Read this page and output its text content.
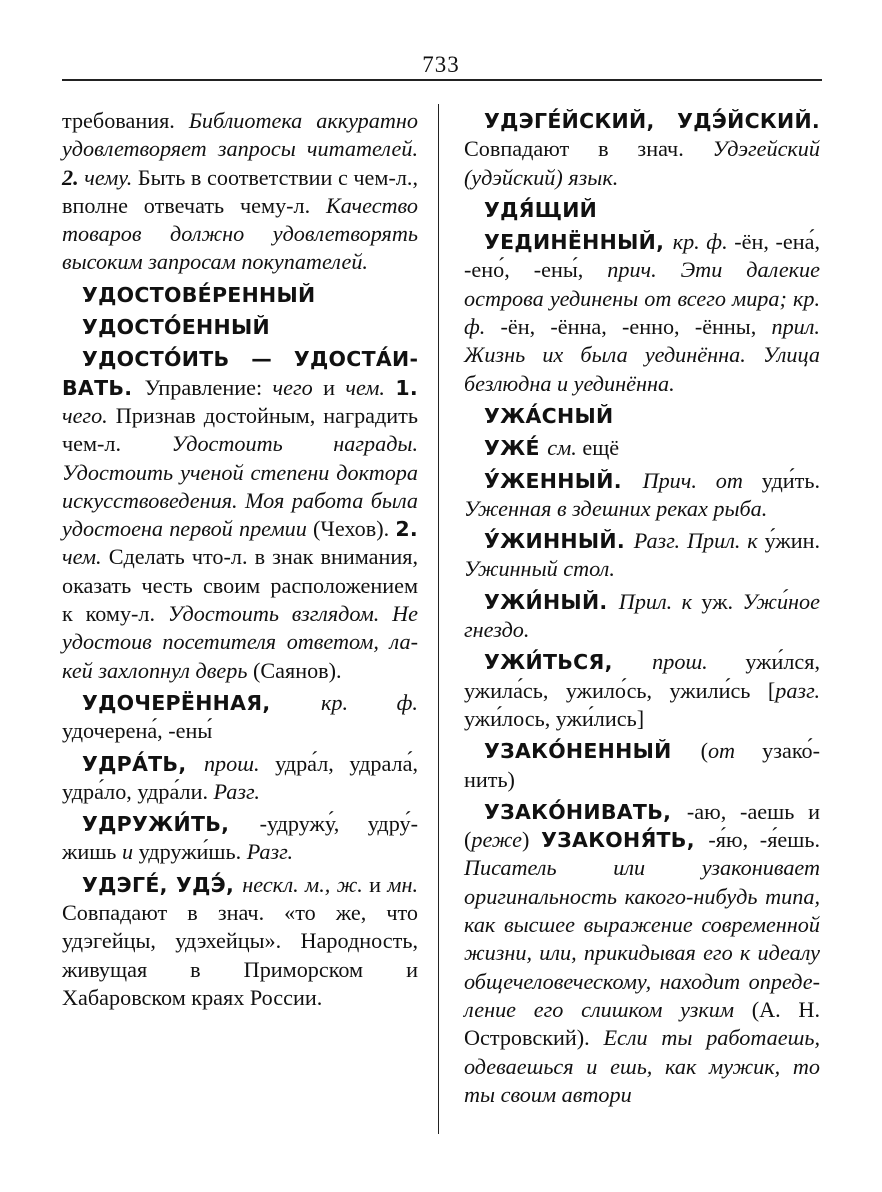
733
требования. Библиотека аккуратно удовлетворяет запросы читателей. 2. чему. Быть в соответствии с чем-л., вполне отвечать чему-л. Качество товаров должно удовлетворять высоким запросам покупателей.
УДОСТОВЕ́РЕННЫЙ
УДОСТО́ЕННЫЙ
УДОСТО́ИТЬ — УДОСТА́ИВАТЬ. Управление: чего и чем. 1. чего. Признав достойным, наградить чем-л. Удостоить награды. Удостоить ученой степени доктора искусствоведения. Моя работа была удостоена первой премии (Чехов). 2. чем. Сделать что-л. в знак внимания, оказать честь своим расположением к кому-л. Удостоить взглядом. Не удостоив посетителя ответом, лакей захлопнул дверь (Саянов).
УДОЧЕРЁННАЯ, кр. ф. удочерена́, -ены́
УДРА́ТЬ, прош. удра́л, удрала́, удра́ло, удра́ли. Разг.
УДРУЖИ́ТЬ, -удружу́, удру́жишь и удружи́шь. Разг.
УДЭГЕ́, УДЭ́, нескл. м., ж. и мн. Совпадают в знач. «то же, что удэгейцы, удэхейцы». Народность, живущая в Приморском и Хабаровском краях России.
УДЭГЕ́ЙСКИЙ, УДЭ́ЙСКИЙ. Совпадают в знач. Удэгейский (удэйский) язык.
УДЯ́ЩИЙ
УЕДИНЁННЫЙ, кр. ф. -ён, -ена́, -ено́, -ены́, прич. Эти далекие острова уединены от всего мира; кр. ф. -ён, -ённа, -енно, -ённы, прил. Жизнь их была уединённа. Улица безлюдна и уединённа.
УЖА́СНЫЙ
УЖЕ́ см. ещё
У́ЖЕННЫЙ. Прич. от уди́ть. Уженная в здешних реках рыба.
У́ЖИННЫЙ. Разг. Прил. к у́жин. Ужинный стол.
УЖИ́НЫЙ. Прил. к уж. Ужи́ное гнездо.
УЖИ́ТЬСЯ, прош. ужи́лся, ужила́сь, ужило́сь, ужили́сь [разг. ужи́лось, ужи́лись]
УЗАКО́НЕННЫЙ (от узако́нить)
УЗАКО́НИВАТЬ, -аю, -аешь и (реже) УЗАКОНЯ́ТЬ, -я́ю, -я́ешь. Писатель или узаконивает оригинальность какого-нибудь типа, как высшее выражение современной жизни, или, прикидывая его к идеалу общечеловеческому, находит определение его слишком узким (А. Н. Островский). Если ты работаешь, одеваешься и ешь, как мужик, то ты своим автори
